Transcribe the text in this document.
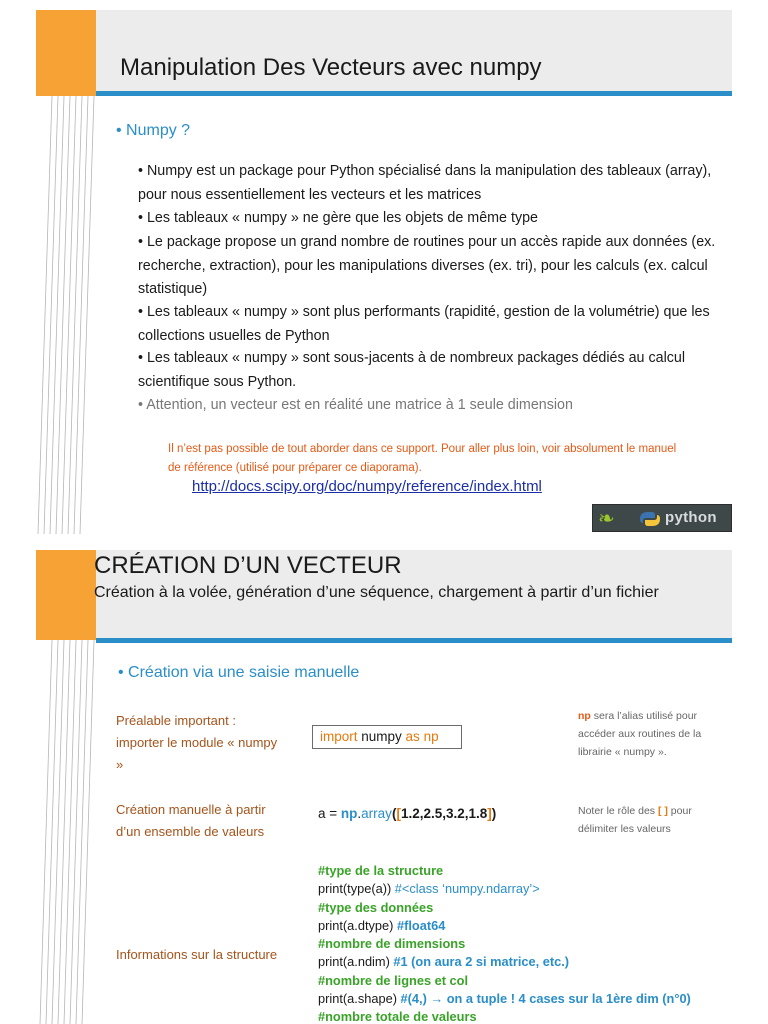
Manipulation Des Vecteurs avec numpy
• Numpy ?
• Numpy est un package pour Python spécialisé dans la manipulation des tableaux (array), pour nous essentiellement les vecteurs et les matrices
• Les tableaux « numpy » ne gère que les objets de même type
• Le package propose un grand nombre de routines pour un accès rapide aux données (ex. recherche, extraction), pour les manipulations diverses (ex. tri), pour les calculs (ex. calcul statistique)
• Les tableaux « numpy » sont plus performants (rapidité, gestion de la volumétrie) que les collections usuelles de Python
• Les tableaux « numpy » sont sous-jacents à de nombreux packages dédiés au calcul scientifique sous Python.
• Attention, un vecteur est en réalité une matrice à 1 seule dimension
Il n’est pas possible de tout aborder dans ce support. Pour aller plus loin, voir absolument le manuel de référence (utilisé pour préparer ce diaporama).
http://docs.scipy.org/doc/numpy/reference/index.html
❧	python
CRÉATION D’UN VECTEUR
Création à la volée, génération d’une séquence, chargement à partir d’un fichier
• Création via une saisie manuelle
Préalable important : importer le module « numpy »
Création manuelle à partir d’un ensemble de valeurs
Informations sur la structure
import numpy as np
a = np.array([1.2,2.5,3.2,1.8])
np sera l’alias utilisé pour accéder aux routines de la librairie « numpy ».
Noter le rôle des [ ] pour délimiter les valeurs
#type de la structure
print(type(a)) #<class ‘numpy.ndarray’>
#type des données
print(a.dtype) #float64
#nombre de dimensions
print(a.ndim) #1 (on aura 2 si matrice, etc.)
#nombre de lignes et col
print(a.shape) #(4,) → on a tuple ! 4 cases sur la 1ère dim (n°0)
#nombre totale de valeurs
